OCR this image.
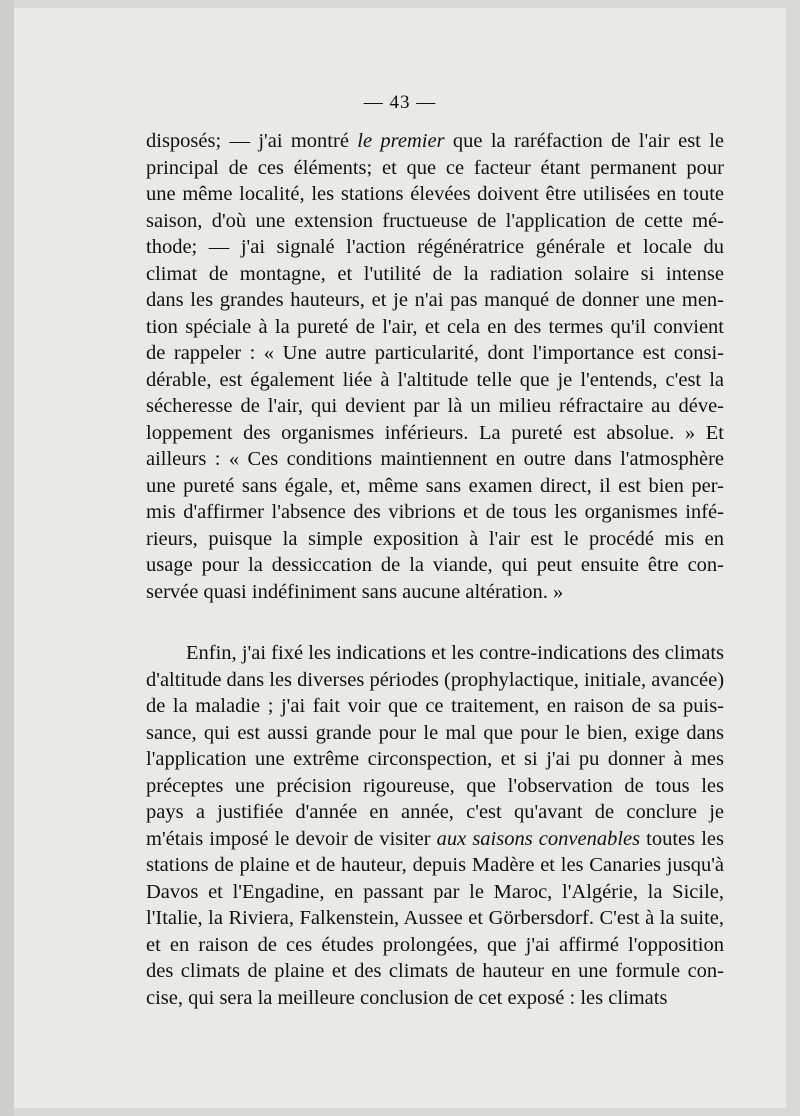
— 43 —
disposés; — j'ai montré le premier que la raréfaction de l'air est le
principal de ces éléments; et que ce facteur étant permanent pour
une même localité, les stations élevées doivent être utilisées en toute
saison, d'où une extension fructueuse de l'application de cette mé-
thode; — j'ai signalé l'action régénératrice générale et locale du
climat de montagne, et l'utilité de la radiation solaire si intense
dans les grandes hauteurs, et je n'ai pas manqué de donner une men-
tion spéciale à la pureté de l'air, et cela en des termes qu'il convient
de rappeler : « Une autre particularité, dont l'importance est consi-
dérable, est également liée à l'altitude telle que je l'entends, c'est la
sécheresse de l'air, qui devient par là un milieu réfractaire au déve-
loppement des organismes inférieurs. La pureté est absolue. » Et
ailleurs : « Ces conditions maintiennent en outre dans l'atmosphère
une pureté sans égale, et, même sans examen direct, il est bien per-
mis d'affirmer l'absence des vibrions et de tous les organismes infé-
rieurs, puisque la simple exposition à l'air est le procédé mis en
usage pour la dessiccation de la viande, qui peut ensuite être con-
servée quasi indéfiniment sans aucune altération. »
Enfin, j'ai fixé les indications et les contre-indications des climats
d'altitude dans les diverses périodes (prophylactique, initiale, avancée)
de la maladie ; j'ai fait voir que ce traitement, en raison de sa puis-
sance, qui est aussi grande pour le mal que pour le bien, exige dans
l'application une extrême circonspection, et si j'ai pu donner à mes
préceptes une précision rigoureuse, que l'observation de tous les
pays a justifiée d'année en année, c'est qu'avant de conclure je
m'étais imposé le devoir de visiter aux saisons convenables toutes les
stations de plaine et de hauteur, depuis Madère et les Canaries jusqu'à
Davos et l'Engadine, en passant par le Maroc, l'Algérie, la Sicile,
l'Italie, la Riviera, Falkenstein, Aussee et Görbersdorf. C'est à la suite,
et en raison de ces études prolongées, que j'ai affirmé l'opposition
des climats de plaine et des climats de hauteur en une formule con-
cise, qui sera la meilleure conclusion de cet exposé : les climats
